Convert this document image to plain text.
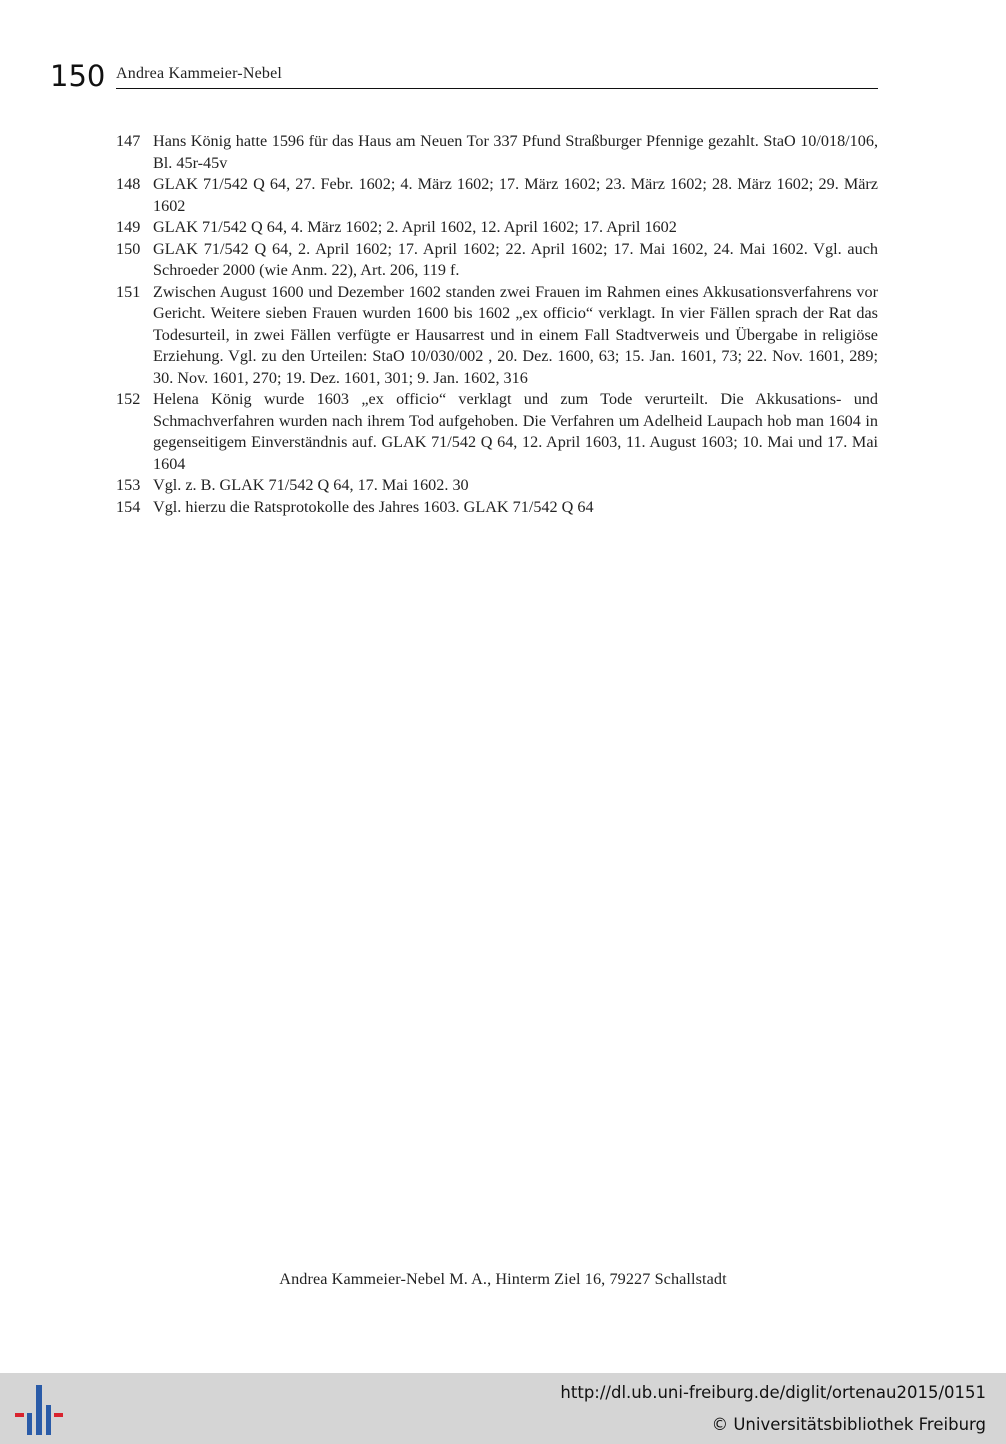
150 Andrea Kammeier-Nebel
147 Hans König hatte 1596 für das Haus am Neuen Tor 337 Pfund Straßburger Pfennige gezahlt. StaO 10/018/106, Bl. 45r-45v
148 GLAK 71/542 Q 64, 27. Febr. 1602; 4. März 1602; 17. März 1602; 23. März 1602; 28. März 1602; 29. März 1602
149 GLAK 71/542 Q 64, 4. März 1602; 2. April 1602, 12. April 1602; 17. April 1602
150 GLAK 71/542 Q 64, 2. April 1602; 17. April 1602; 22. April 1602; 17. Mai 1602, 24. Mai 1602. Vgl. auch Schroeder 2000 (wie Anm. 22), Art. 206, 119 f.
151 Zwischen August 1600 und Dezember 1602 standen zwei Frauen im Rahmen eines Akkusationsverfahrens vor Gericht. Weitere sieben Frauen wurden 1600 bis 1602 „ex officio“ verklagt. In vier Fällen sprach der Rat das Todesurteil, in zwei Fällen verfügte er Hausarrest und in einem Fall Stadtverweis und Übergabe in religiöse Erziehung. Vgl. zu den Urteilen: StaO 10/030/002 , 20. Dez. 1600, 63; 15. Jan. 1601, 73; 22. Nov. 1601, 289; 30. Nov. 1601, 270; 19. Dez. 1601, 301; 9. Jan. 1602, 316
152 Helena König wurde 1603 „ex officio“ verklagt und zum Tode verurteilt. Die Akkusations- und Schmachverfahren wurden nach ihrem Tod aufgehoben. Die Verfahren um Adelheid Laupach hob man 1604 in gegenseitigem Einverständnis auf. GLAK 71/542 Q 64, 12. April 1603, 11. August 1603; 10. Mai und 17. Mai 1604
153 Vgl. z. B. GLAK 71/542 Q 64, 17. Mai 1602. 30
154 Vgl. hierzu die Ratsprotokolle des Jahres 1603. GLAK 71/542 Q 64
Andrea Kammeier-Nebel M. A., Hinterm Ziel 16, 79227 Schallstadt
http://dl.ub.uni-freiburg.de/diglit/ortenau2015/0151
© Universitätsbibliothek Freiburg
